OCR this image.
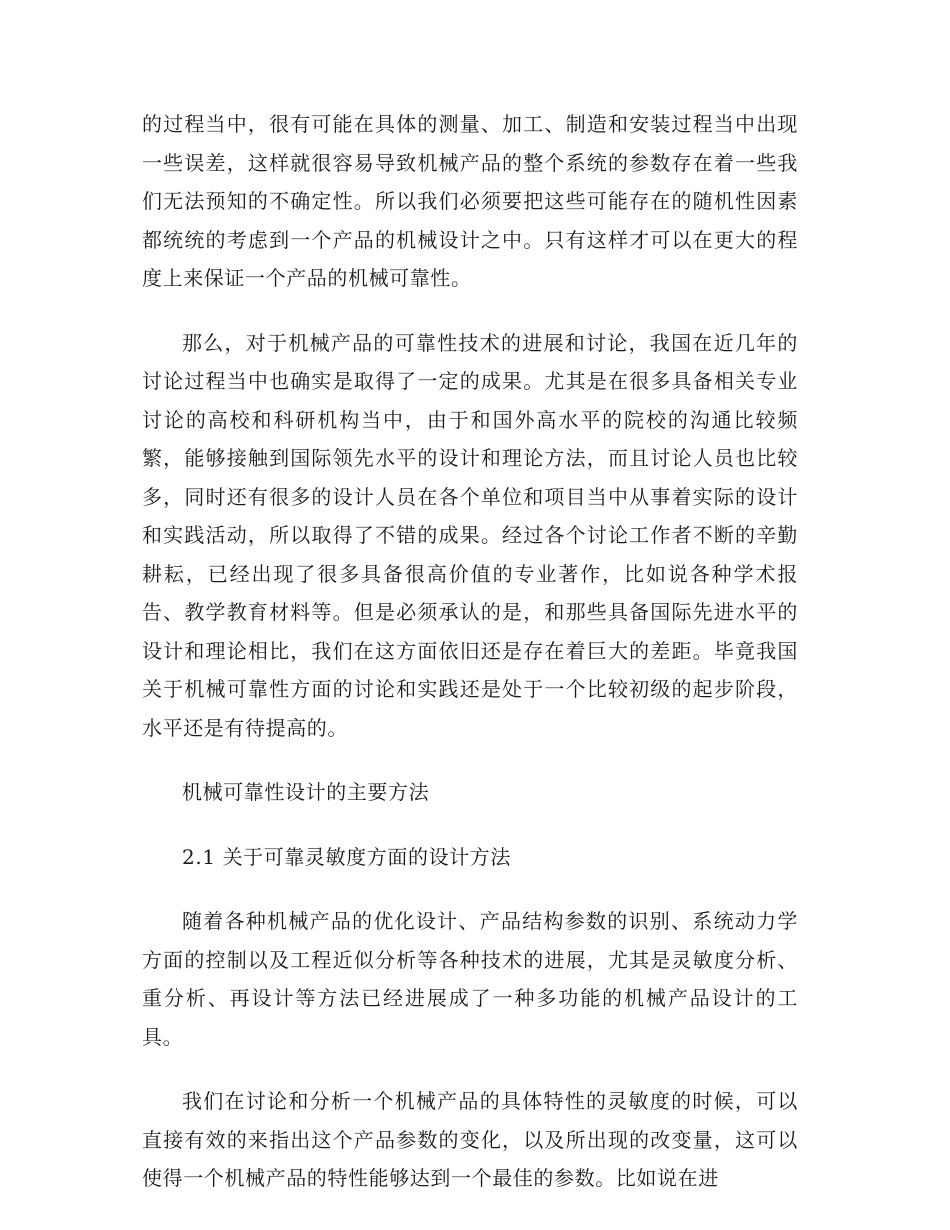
的过程当中，很有可能在具体的测量、加工、制造和安装过程当中出现一些误差，这样就很容易导致机械产品的整个系统的参数存在着一些我们无法预知的不确定性。所以我们必须要把这些可能存在的随机性因素都统统的考虑到一个产品的机械设计之中。只有这样才可以在更大的程度上来保证一个产品的机械可靠性。

那么，对于机械产品的可靠性技术的进展和讨论，我国在近几年的讨论过程当中也确实是取得了一定的成果。尤其是在很多具备相关专业讨论的高校和科研机构当中，由于和国外高水平的院校的沟通比较频繁，能够接触到国际领先水平的设计和理论方法，而且讨论人员也比较多，同时还有很多的设计人员在各个单位和项目当中从事着实际的设计和实践活动，所以取得了不错的成果。经过各个讨论工作者不断的辛勤耕耘，已经出现了很多具备很高价值的专业著作，比如说各种学术报告、教学教育材料等。但是必须承认的是，和那些具备国际先进水平的设计和理论相比，我们在这方面依旧还是存在着巨大的差距。毕竟我国关于机械可靠性方面的讨论和实践还是处于一个比较初级的起步阶段，水平还是有待提高的。

机械可靠性设计的主要方法

2.1 关于可靠灵敏度方面的设计方法

随着各种机械产品的优化设计、产品结构参数的识别、系统动力学方面的控制以及工程近似分析等各种技术的进展，尤其是灵敏度分析、重分析、再设计等方法已经进展成了一种多功能的机械产品设计的工具。

我们在讨论和分析一个机械产品的具体特性的灵敏度的时候，可以直接有效的来指出这个产品参数的变化，以及所出现的改变量，这可以使得一个机械产品的特性能够达到一个最佳的参数。比如说在进
